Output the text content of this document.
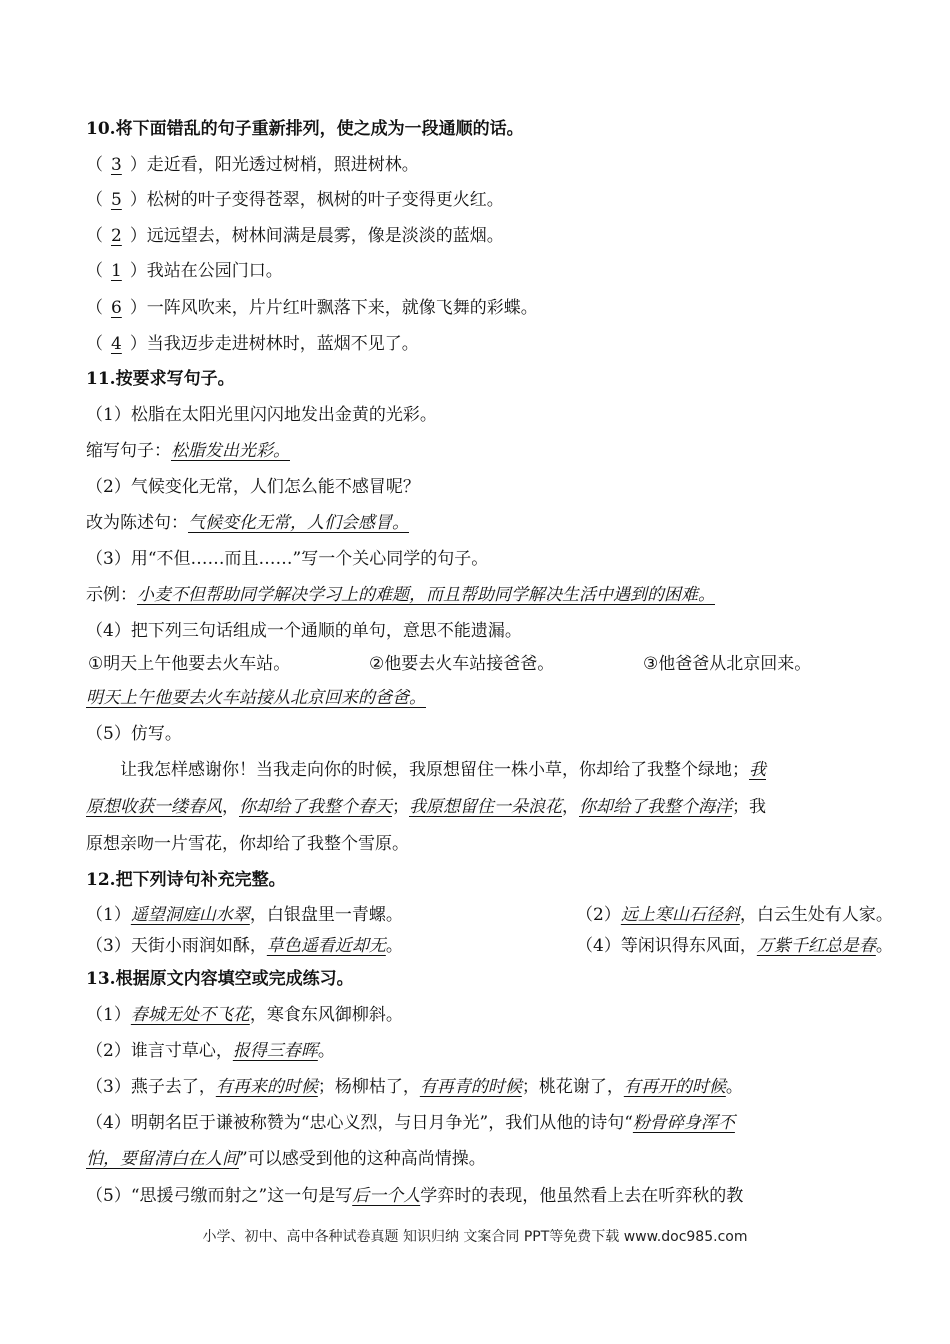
10.将下面错乱的句子重新排列，使之成为一段通顺的话。
（ 3 ）走近看，阳光透过树梢，照进树林。
（ 5 ）松树的叶子变得苍翠，枫树的叶子变得更火红。
（ 2 ）远远望去，树林间满是晨雾，像是淡淡的蓝烟。
（ 1 ）我站在公园门口。
（ 6 ）一阵风吹来，片片红叶飘落下来，就像飞舞的彩蝶。
（ 4 ）当我迈步走进树林时，蓝烟不见了。
11.按要求写句子。
（1）松脂在太阳光里闪闪地发出金黄的光彩。
缩写句子：松脂发出光彩。
（2）气候变化无常，人们怎么能不感冒呢？
改为陈述句：气候变化无常，人们会感冒。
（3）用“不但……而且……”写一个关心同学的句子。
示例：小麦不但帮助同学解决学习上的难题，而且帮助同学解决生活中遇到的困难。
（4）把下列三句话组成一个通顺的单句，意思不能遗漏。
①明天上午他要去火车站。	②他要去火车站接爸爸。	③他爸爸从北京回来。
明天上午他要去火车站接从北京回来的爸爸。
（5）仿写。
让我怎样感谢你！当我走向你的时候，我原想留住一株小草，你却给了我整个绿地；我
原想收获一缕春风，你却给了我整个春天；我原想留住一朵浪花，你却给了我整个海洋；我
原想亲吻一片雪花，你却给了我整个雪原。
12.把下列诗句补充完整。
（1）遥望洞庭山水翠，白银盘里一青螺。	（2）远上寒山石径斜，白云生处有人家。
（3）天街小雨润如酥，草色遥看近却无。	（4）等闲识得东风面，万紫千红总是春。
13.根据原文内容填空或完成练习。
（1）春城无处不飞花，寒食东风御柳斜。
（2）谁言寸草心，报得三春晖。
（3）燕子去了，有再来的时候；杨柳枯了，有再青的时候；桃花谢了，有再开的时候。
（4）明朝名臣于谦被称赞为“忠心义烈，与日月争光”，我们从他的诗句“粉骨碎身浑不
怕，要留清白在人间”可以感受到他的这种高尚情操。
（5）“思援弓缴而射之”这一句是写后一个人学弈时的表现，他虽然看上去在听弈秋的教
小学、初中、高中各种试卷真题 知识归纳 文案合同 PPT等免费下载 www.doc985.com
